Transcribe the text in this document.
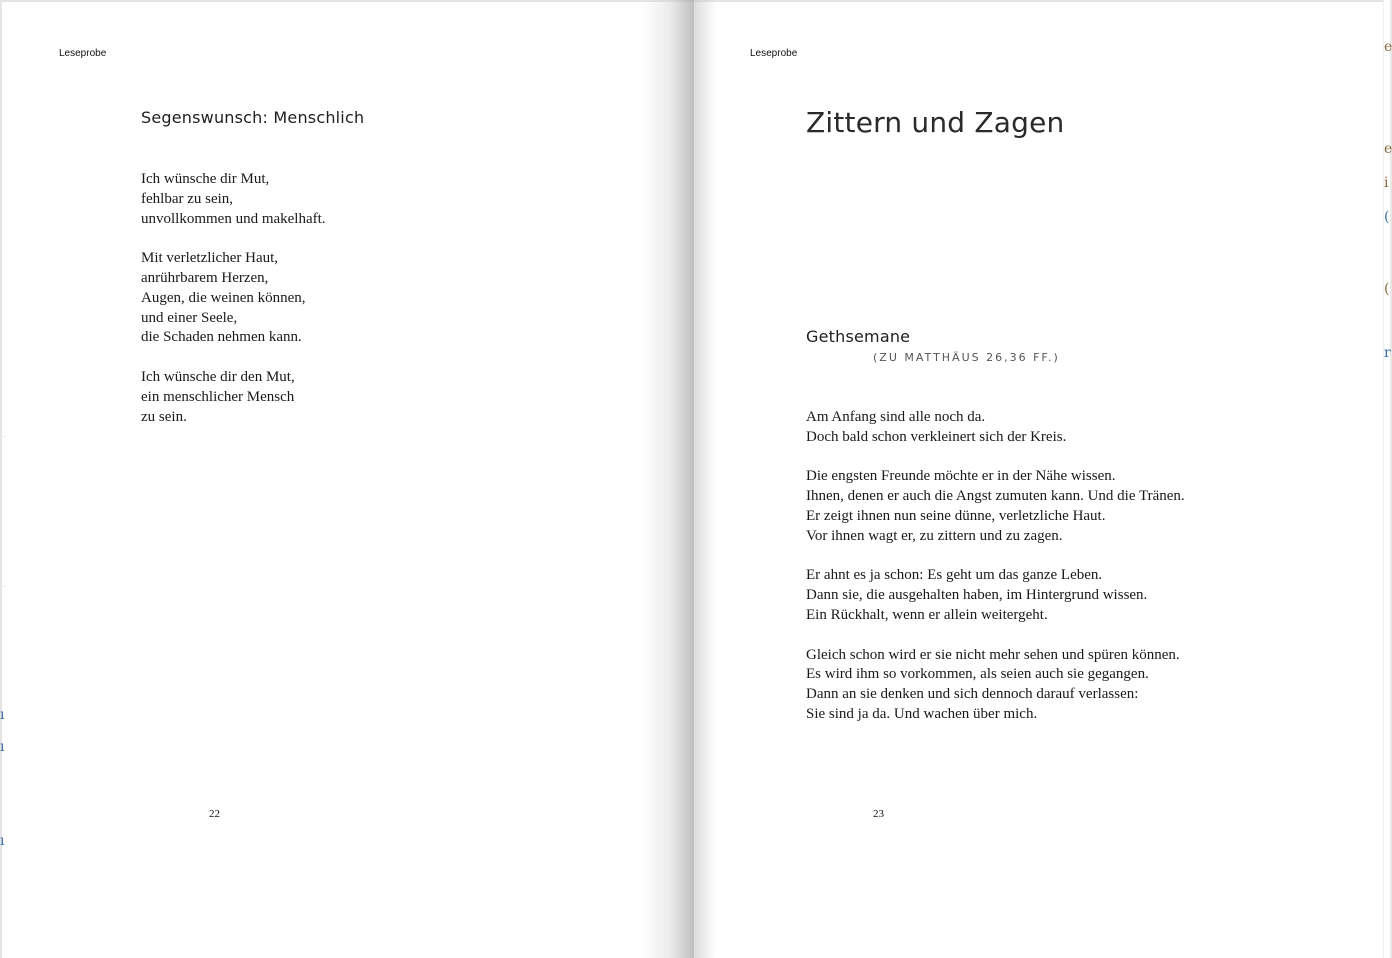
Leseprobe
Segenswunsch: Menschlich
Ich wünsche dir Mut,
fehlbar zu sein,
unvollkommen und makelhaft.
Mit verletzlicher Haut,
anrührbarem Herzen,
Augen, die weinen können,
und einer Seele,
die Schaden nehmen kann.
Ich wünsche dir den Mut,
ein menschlicher Mensch
zu sein.
22
Leseprobe
Zittern und Zagen
Gethsemane
(ZU MATTHÄUS 26,36 FF.)
Am Anfang sind alle noch da.
Doch bald schon verkleinert sich der Kreis.
Die engsten Freunde möchte er in der Nähe wissen.
Ihnen, denen er auch die Angst zumuten kann. Und die Tränen.
Er zeigt ihnen nun seine dünne, verletzliche Haut.
Vor ihnen wagt er, zu zittern und zu zagen.
Er ahnt es ja schon: Es geht um das ganze Leben.
Dann sie, die ausgehalten haben, im Hintergrund wissen.
Ein Rückhalt, wenn er allein weitergeht.
Gleich schon wird er sie nicht mehr sehen und spüren können.
Es wird ihm so vorkommen, als seien auch sie gegangen.
Dann an sie denken und sich dennoch darauf verlassen:
Sie sind ja da. Und wachen über mich.
23
e
e
i
(
(
r
ı
ı
ı
